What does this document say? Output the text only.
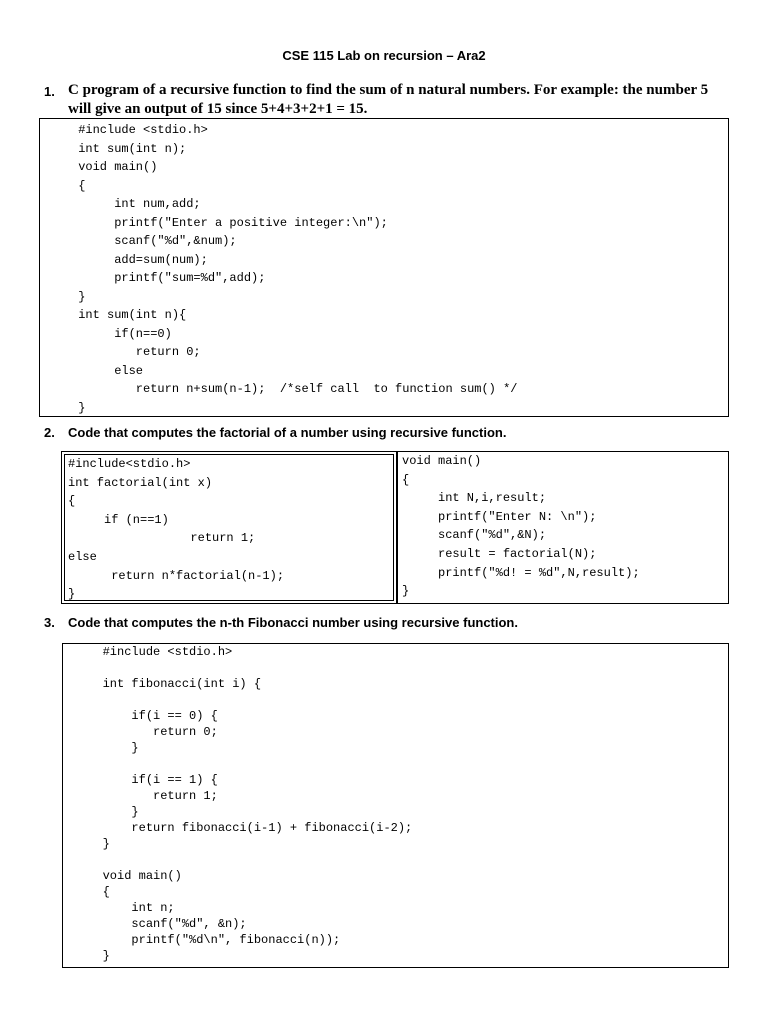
CSE 115 Lab on recursion – Ara2
1. C program of a recursive function to find the sum of n natural numbers. For example: the number 5
will give an output of 15 since 5+4+3+2+1 = 15.
#include <stdio.h>
int sum(int n);
void main()
{
int num,add;
printf("Enter a positive integer:\n");
scanf("%d",&num);
add=sum(num);
printf("sum=%d",add);
}
int sum(int n){
if(n==0)
return 0;
else
return n+sum(n-1);  /*self call  to function sum() */
}
2. Code that computes the factorial of a number using recursive function.
#include<stdio.h>
int factorial(int x)
{
if (n==1)
return 1;
else
return n*factorial(n-1);
}
void main()
{
int N,i,result;
printf("Enter N: \n");
scanf("%d",&N);
result = factorial(N);
printf("%d! = %d",N,result);
}
3. Code that computes the n-th Fibonacci number using recursive function.
#include <stdio.h>

int fibonacci(int i) {

if(i == 0) {
return 0;
}

if(i == 1) {
return 1;
}
return fibonacci(i-1) + fibonacci(i-2);
}

void main()
{
int n;
scanf("%d", &n);
printf("%d\n", fibonacci(n));
}
